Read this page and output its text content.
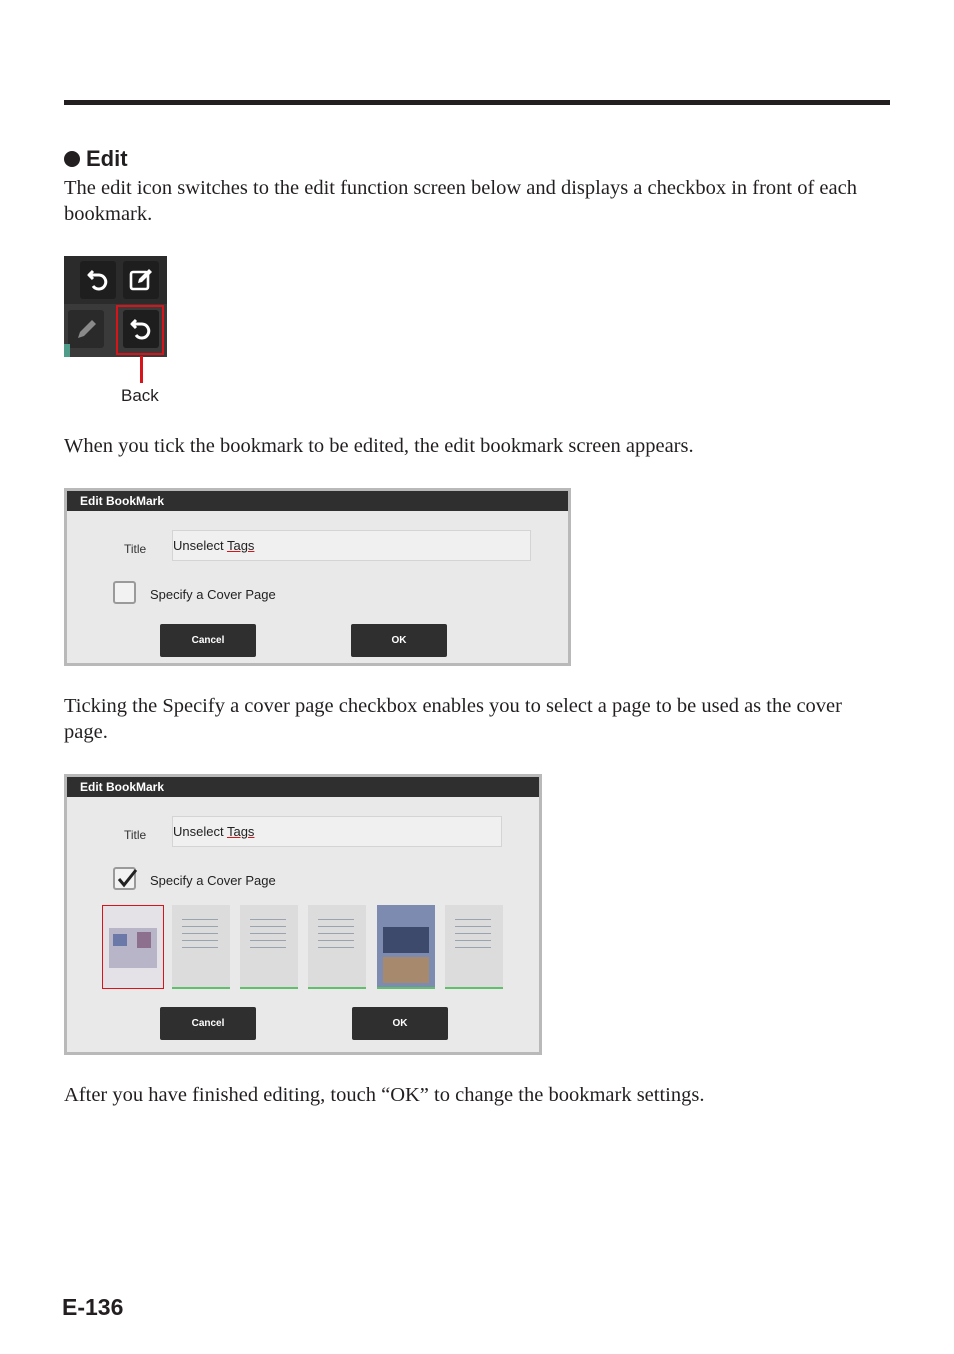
Edit
The edit icon switches to the edit function screen below and displays a checkbox in front of each bookmark.
Back
When you tick the bookmark to be edited, the edit bookmark screen appears.
Edit BookMark
Title Unselect Tags
Specify a Cover Page
Cancel	OK
Ticking the Specify a cover page checkbox enables you to select a page to be used as the cover page.
Edit BookMark
Title Unselect Tags
Specify a Cover Page
Cancel	OK
After you have finished editing, touch “OK” to change the bookmark settings.
E-136
